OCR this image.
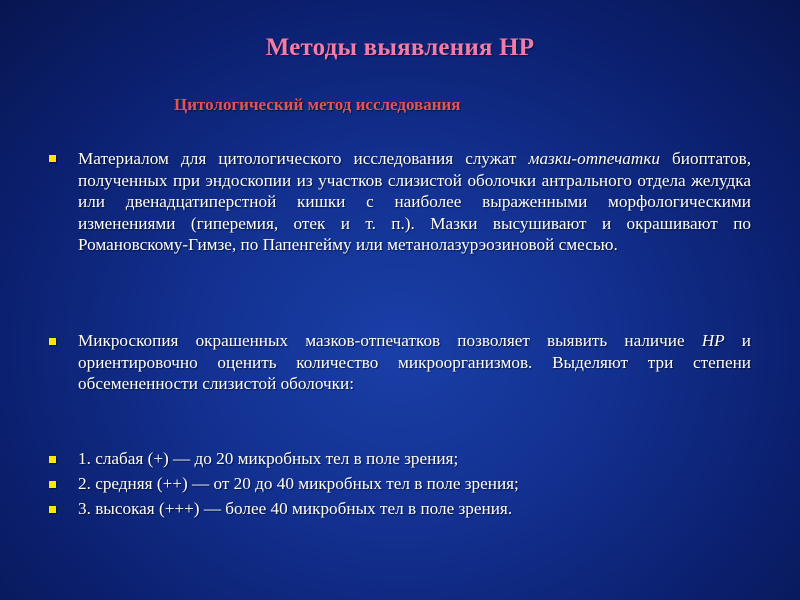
Методы выявления НР
Цитологический метод исследования
Материалом для цитологического исследования служат мазки-отпечатки биоптатов, полученных при эндоскопии из участков слизистой оболочки антрального отдела желудка или двенадцатиперстной кишки с наиболее выраженными морфологическими изменениями (гиперемия, отек и т. п.). Мазки высушивают и окрашивают по Романовскому-Гимзе, по Папенгейму или метанолазурэозиновой смесью.
Микроскопия окрашенных мазков-отпечатков позволяет выявить наличие HP и ориентировочно оценить количество микроорганизмов. Выделяют три степени обсемененности слизистой оболочки:
1. слабая (+) — до 20 микробных тел в поле зрения;
2. средняя (++) — от 20 до 40 микробных тел в поле зрения;
3. высокая (+++) — более 40 микробных тел в поле зрения.
